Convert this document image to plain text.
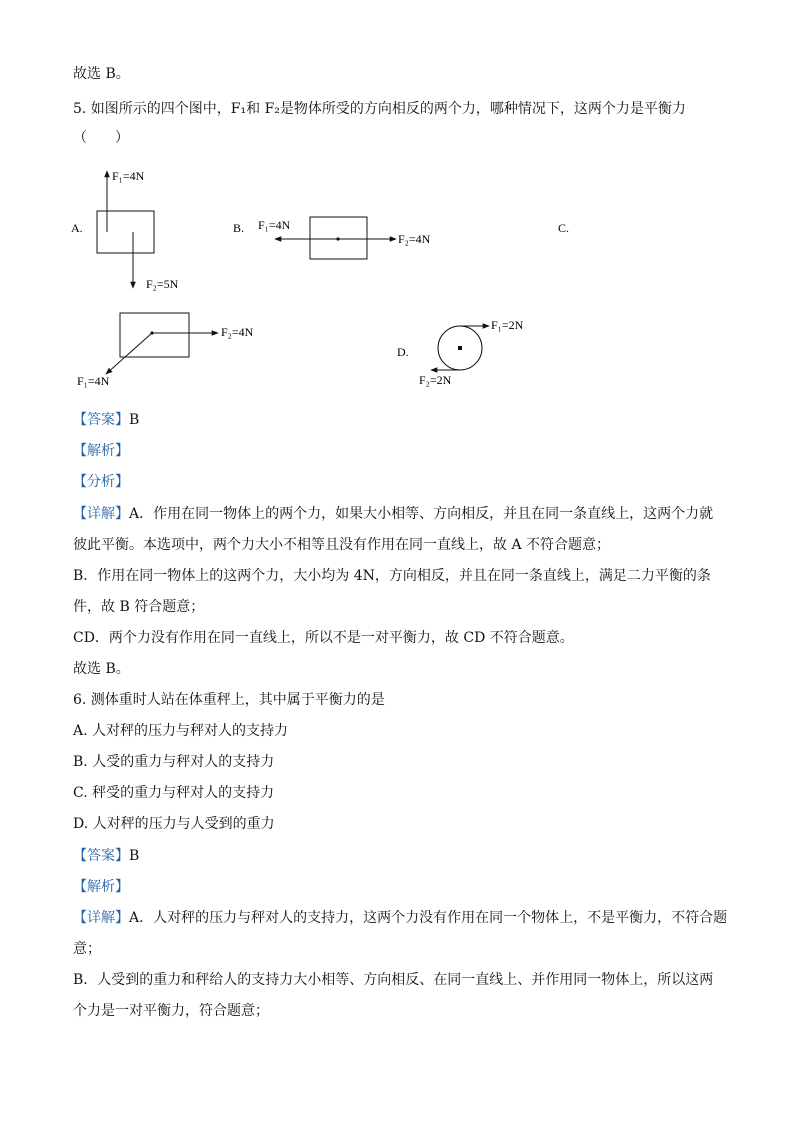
故选 B。
5. 如图所示的四个图中，F₁和 F₂是物体所受的方向相反的两个力，哪种情况下，这两个力是平衡力
（　　）
A.
F₁=4N
F₂=5N
B. F₁=4N
F₂=4N
C.
F₂=4N
F₁=4N
D.
F₁=2N
F₂=2N
【答案】B
【解析】
【分析】
【详解】A．作用在同一物体上的两个力，如果大小相等、方向相反，并且在同一条直线上，这两个力就
彼此平衡。本选项中，两个力大小不相等且没有作用在同一直线上，故 A 不符合题意；
B．作用在同一物体上的这两个力，大小均为 4N，方向相反，并且在同一条直线上，满足二力平衡的条
件，故 B 符合题意；
CD．两个力没有作用在同一直线上，所以不是一对平衡力，故 CD 不符合题意。
故选 B。
6. 测体重时人站在体重秤上，其中属于平衡力的是
A. 人对秤的压力与秤对人的支持力
B. 人受的重力与秤对人的支持力
C. 秤受的重力与秤对人的支持力
D. 人对秤的压力与人受到的重力
【答案】B
【解析】
【详解】A．人对秤的压力与秤对人的支持力，这两个力没有作用在同一个物体上，不是平衡力，不符合题
意；
B．人受到的重力和秤给人的支持力大小相等、方向相反、在同一直线上、并作用同一物体上，所以这两
个力是一对平衡力，符合题意；
